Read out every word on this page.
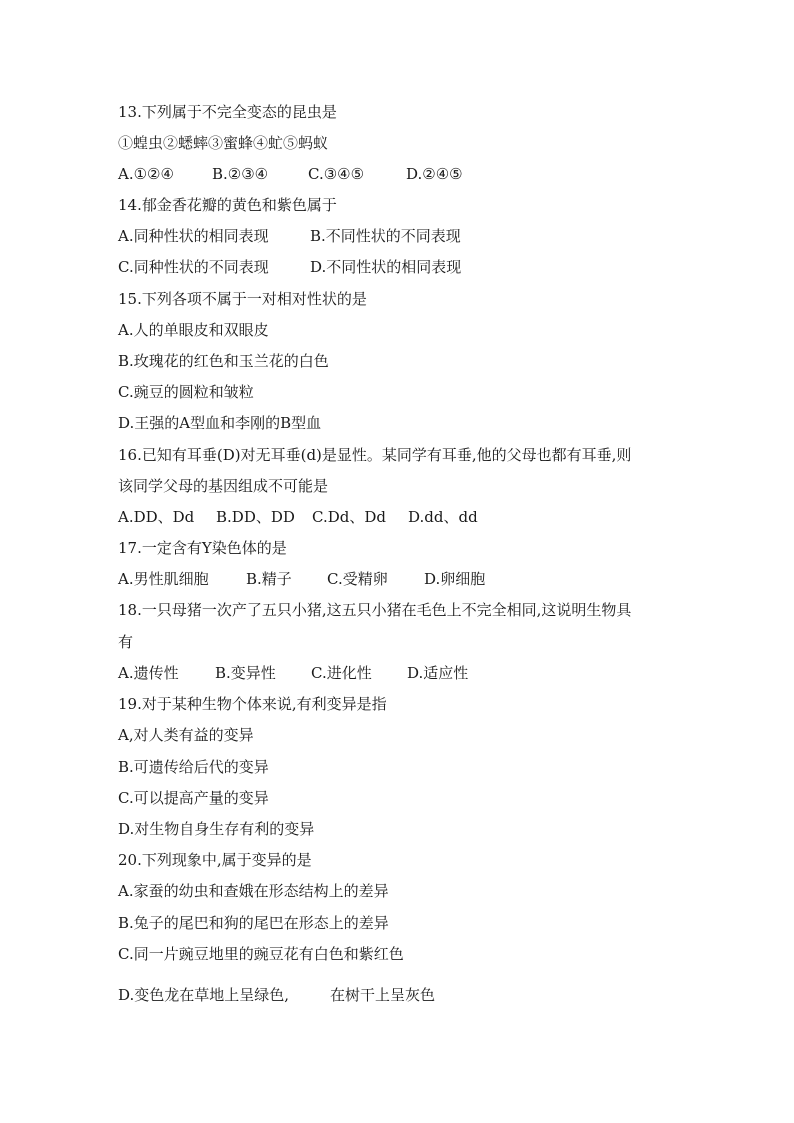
13.下列属于不完全变态的昆虫是
①蝗虫②蟋蟀③蜜蜂④虻⑤蚂蚁
A.①②④	B.②③④	C.③④⑤	D.②④⑤
14.郁金香花瓣的黄色和紫色属于
A.同种性状的相同表现	B.不同性状的不同表现
C.同种性状的不同表现	D.不同性状的相同表现
15.下列各项不属于一对相对性状的是
A.人的单眼皮和双眼皮
B.玫瑰花的红色和玉兰花的白色
C.豌豆的圆粒和皱粒
D.王强的A型血和李刚的B型血
16.已知有耳垂(D)对无耳垂(d)是显性。某同学有耳垂,他的父母也都有耳垂,则
该同学父母的基因组成不可能是
A.DD、Dd B.DD、DD C.Dd、Dd D.dd、dd
17.一定含有Y染色体的是
A.男性肌细胞 B.精子 C.受精卵 D.卵细胞
18.一只母猪一次产了五只小猪,这五只小猪在毛色上不完全相同,这说明生物具
有
A.遗传性 B.变异性 C.进化性 D.适应性
19.对于某种生物个体来说,有利变异是指
A,对人类有益的变异
B.可遗传给后代的变异
C.可以提高产量的变异
D.对生物自身生存有利的变异
20.下列现象中,属于变异的是
A.家蚕的幼虫和查娥在形态结构上的差异
B.兔子的尾巴和狗的尾巴在形态上的差异
C.同一片豌豆地里的豌豆花有白色和紫红色
D.变色龙在草地上呈绿色,	在树干上呈灰色
